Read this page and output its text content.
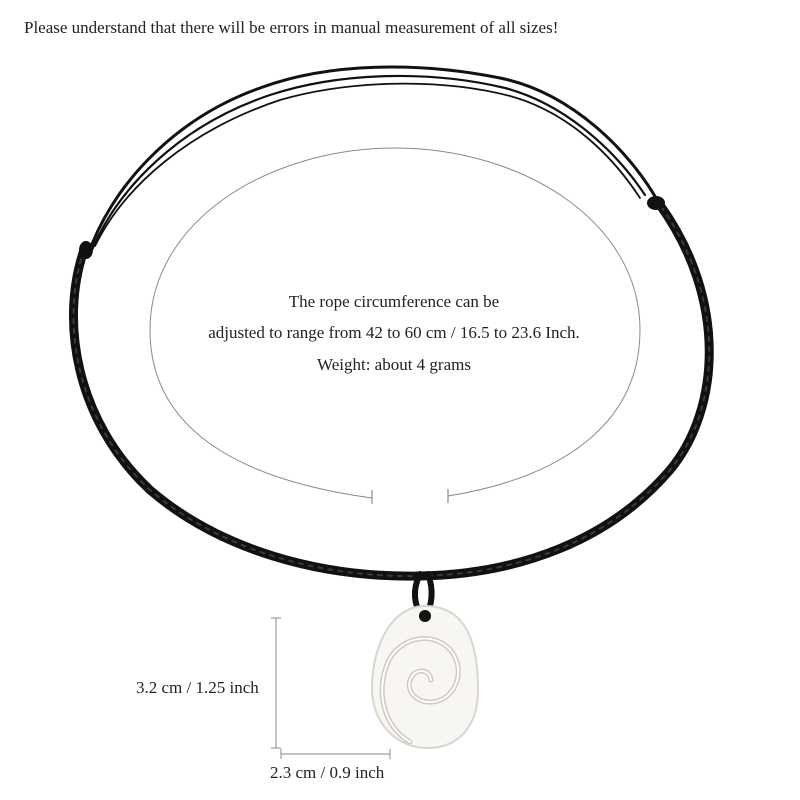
Please understand that there will be errors in manual measurement of all sizes!
The rope circumference can be
adjusted to range from 42 to 60 cm / 16.5 to 23.6 Inch.
Weight: about 4 grams
3.2 cm / 1.25 inch
2.3 cm / 0.9 inch
